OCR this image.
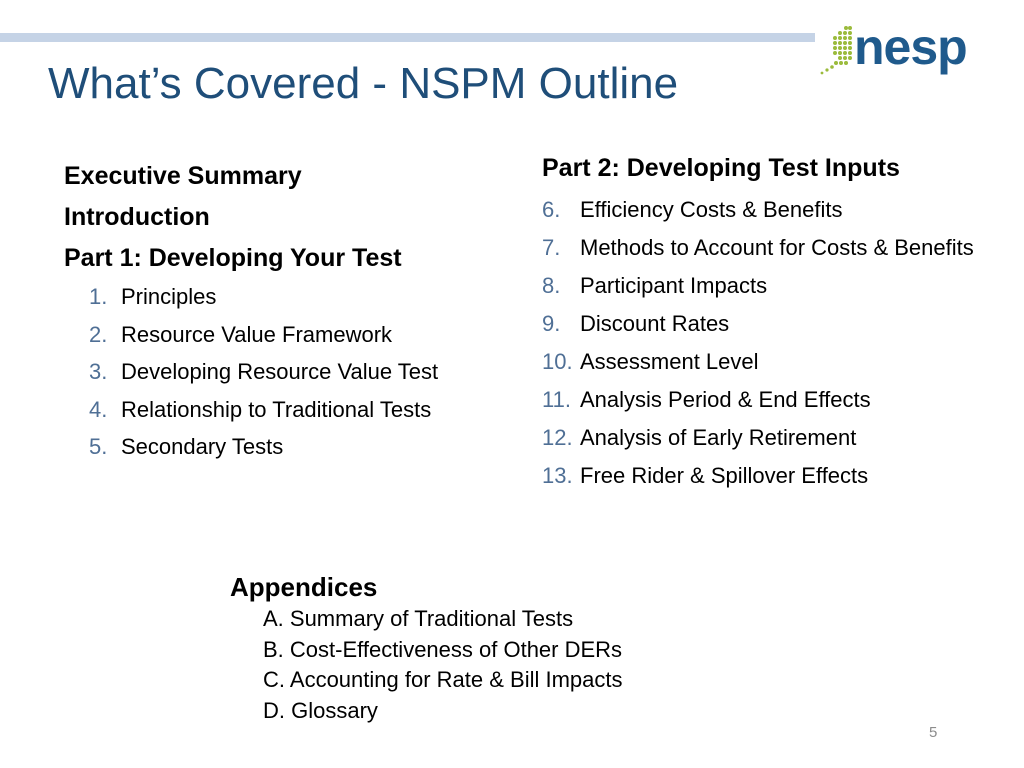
nesp
What’s Covered - NSPM Outline
Executive Summary
Introduction
Part 1: Developing Your Test
1. Principles
2. Resource Value Framework
3. Developing Resource Value Test
4. Relationship to Traditional Tests
5. Secondary Tests
Part 2: Developing Test Inputs
6. Efficiency Costs & Benefits
7. Methods to Account for Costs & Benefits
8. Participant Impacts
9. Discount Rates
10. Assessment Level
11. Analysis Period & End Effects
12. Analysis of Early Retirement
13. Free Rider & Spillover Effects
Appendices
A. Summary of Traditional Tests
B. Cost-Effectiveness of Other DERs
C. Accounting for Rate & Bill Impacts
D. Glossary
5
